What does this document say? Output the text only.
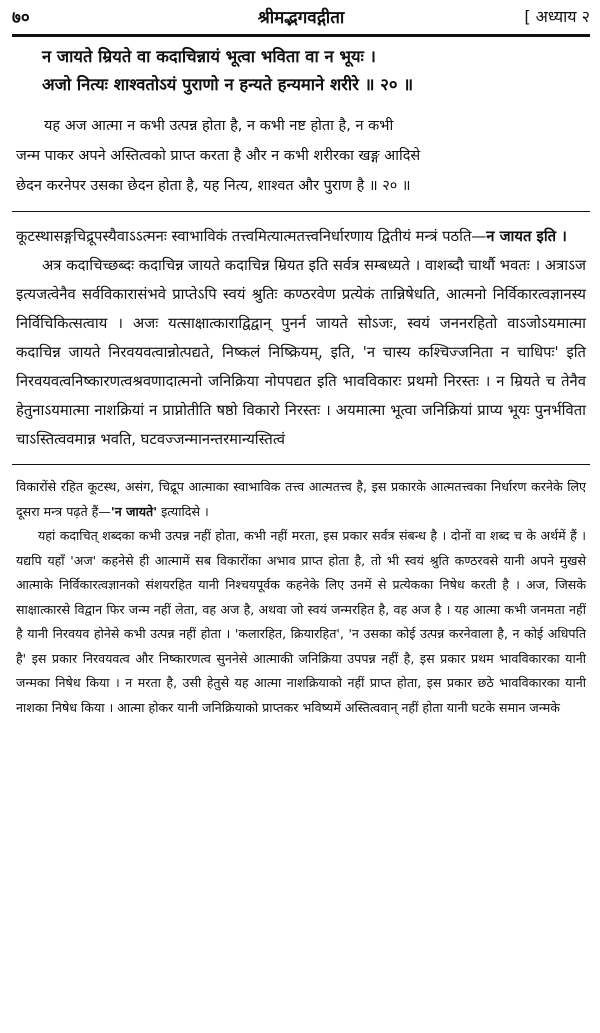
७०	श्रीमद्भगवद्गीता	[ अध्याय २
न जायते म्रियते वा कदाचिन्नायं भूत्वा भविता वा न भूयः ।
अजो नित्यः शाश्वतोऽयं पुराणो न हन्यते हन्यमाने शरीरे ॥ २० ॥
यह अज आत्मा न कभी उत्पन्न होता है, न कभी नष्ट होता है, न कभी
जन्म पाकर अपने अस्तित्वको प्राप्त करता है और न कभी शरीरका खङ्ग आदिसे
छेदन करनेपर उसका छेदन होता है, यह नित्य, शाश्वत और पुराण है ॥ २० ॥

कूटस्थासङ्गचिद्रूपस्यैवाऽऽत्मनः स्वाभाविकं तत्त्वमित्यात्मतत्त्वनिर्धारणाय द्वितीयं मन्त्रं पठति—न जायत इति ।

अत्र कदाचिच्छब्दः कदाचिन्न जायते कदाचिन्न म्रियत इति सर्वत्र सम्बध्यते । वाशब्दौ चार्थौ भवतः । अत्राऽज इत्यजत्वेनैव सर्वविकारासंभवे प्राप्तेऽपि स्वयं श्रुतिः कण्ठरवेण प्रत्येकं तान्निषेधति, आत्मनो निर्विकारत्वज्ञानस्य निर्विचिकित्सत्वाय । अजः यत्साक्षात्काराद्विद्वान् पुनर्न जायते सोऽजः, स्वयं जननरहितो वाऽजोऽयमात्मा कदाचिन्न जायते निरवयवत्वान्नोत्पद्यते, निष्कलं निष्क्रियम्, इति, 'न चास्य कश्चिज्जनिता न चाधिपः' इति निरवयवत्वनिष्कारणत्वश्रवणादात्मनो जनिक्रिया नोपपद्यत इति भावविकारः प्रथमो निरस्तः । न म्रियते च तेनैव हेतुनाऽयमात्मा नाशक्रियां न प्राप्नोतीति षष्ठो विकारो निरस्तः । अयमात्मा भूत्वा जनिक्रियां प्राप्य भूयः पुनर्भविता चाऽस्तित्ववमान्न भवति, घटवज्जन्मानन्तरमान्यस्तित्वं

विकारोंसे रहित कूटस्थ, असंग, चिद्रूप आत्माका स्वाभाविक तत्त्व आत्मतत्त्व है, इस प्रकारके आत्मतत्त्वका निर्धारण करनेके लिए दूसरा मन्त्र पढ़ते हैं—'न जायते' इत्यादिसे ।

यहां कदाचित् शब्दका कभी उत्पन्न नहीं होता, कभी नहीं मरता, इस प्रकार सर्वत्र संबन्ध है । दोनों वा शब्द च के अर्थमें हैं । यद्यपि यहाँ 'अज' कहनेसे ही आत्मामें सब विकारोंका अभाव प्राप्त होता है, तो भी स्वयं श्रुति कण्ठरवसे यानी अपने मुखसे आत्माके निर्विकारत्वज्ञानको संशयरहित यानी निश्चयपूर्वक कहनेके लिए उनमें से प्रत्येकका निषेध करती है । अज, जिसके साक्षात्कारसे विद्वान फिर जन्म नहीं लेता, वह अज है, अथवा जो स्वयं जन्मरहित है, वह अज है । यह आत्मा कभी जनमता नहीं है यानी निरवयव होनेसे कभी उत्पन्न नहीं होता । 'कलारहित, क्रियारहित', 'न उसका कोई उत्पन्न करनेवाला है, न कोई अधिपति है' इस प्रकार निरवयवत्व और निष्कारणत्व सुननेसे आत्माकी जनिक्रिया उपपन्न नहीं है, इस प्रकार प्रथम भावविकारका यानी जन्मका निषेध किया । न मरता है, उसी हेतुसे यह आत्मा नाशक्रियाको नहीं प्राप्त होता, इस प्रकार छठे भावविकारका यानी नाशका निषेध किया । आत्मा होकर यानी जनिक्रियाको प्राप्तकर भविष्यमें अस्तित्ववान् नहीं होता यानी घटके समान जन्मके
